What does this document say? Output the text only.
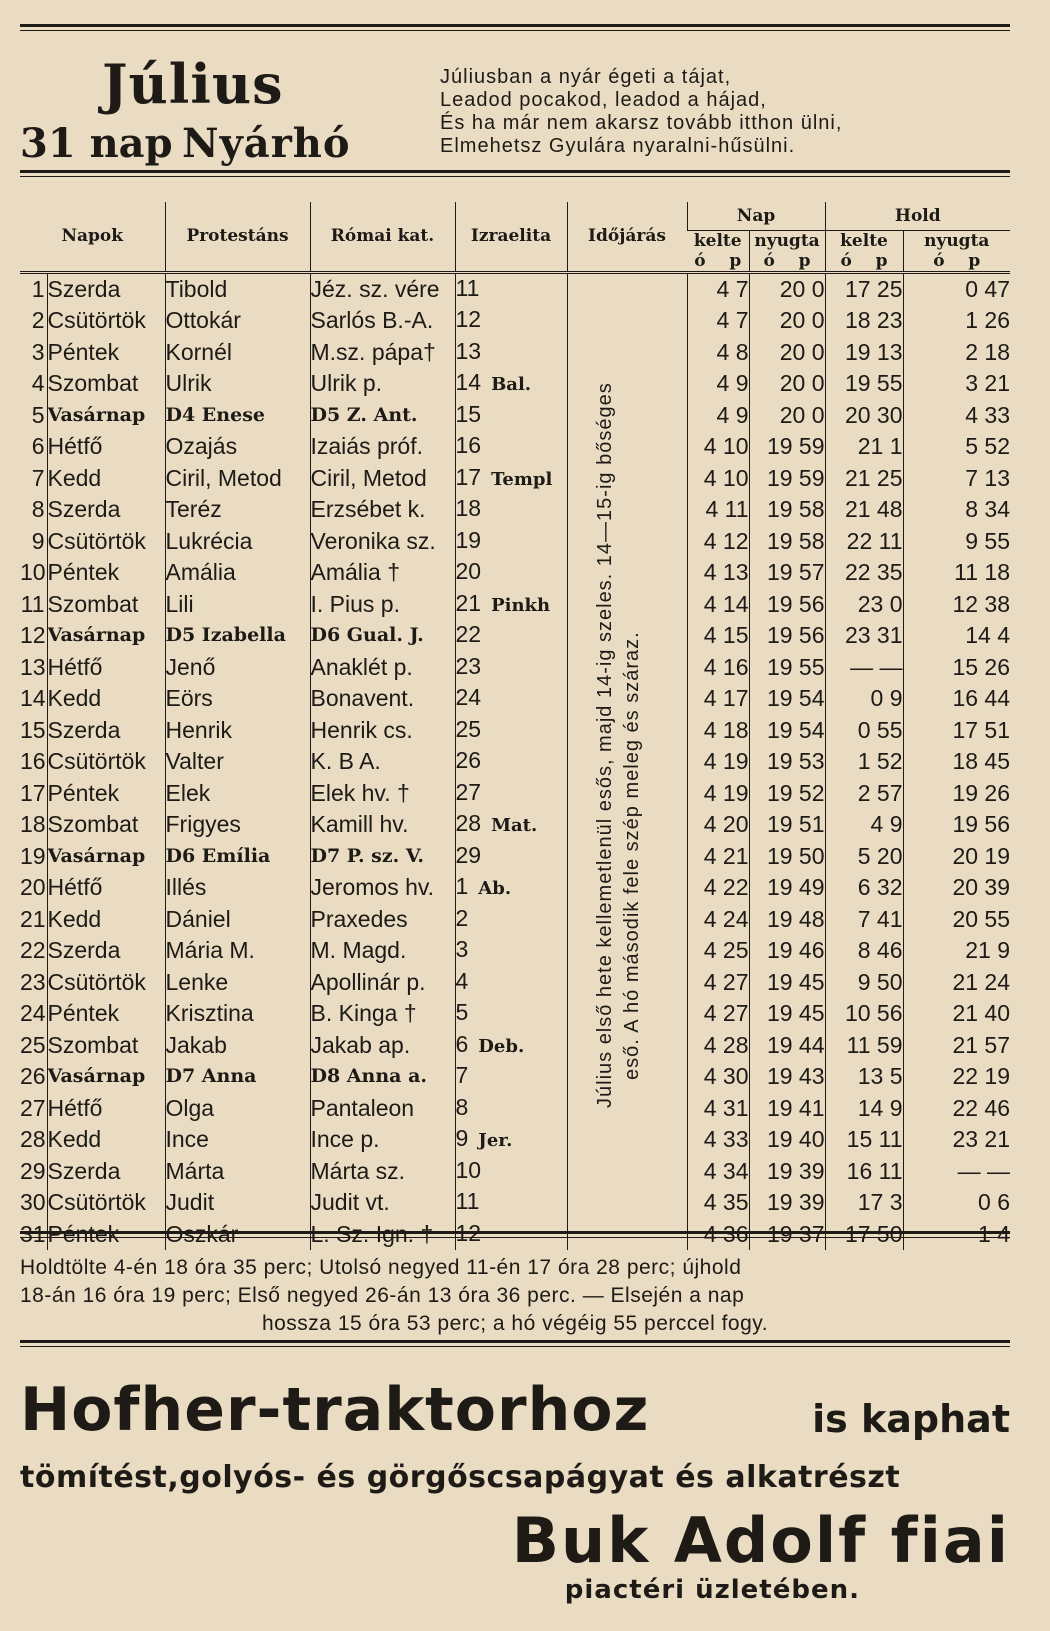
Július
31 nap Nyárhó
Júliusban a nyár égeti a tájat,
Leadod pocakod, leadod a hájad,
És ha már nem akarsz tovább itthon ülni,
Elmehetsz Gyulára nyaralni-hűsülni.
Napok		Protestáns	Római kat.	Izraelita	Időjárás	Nap		Hold	
						kelte	nyugta	kelte	nyugta
						ó p	ó p	ó p	ó p
1	Szerda	Tibold	Jéz. sz. vére	11		4 7	20 0	17 25	0 47
2	Csütörtök	Ottokár	Sarlós B.-A.	12		4 7	20 0	18 23	1 26
3	Péntek	Kornél	M.sz. pápa†	13		4 8	20 0	19 13	2 18
4	Szombat	Ulrik	Ulrik p.	14 Bal.		4 9	20 0	19 55	3 21
5	Vasárnap	D4 Enese	D5 Z. Ant.	15		4 9	20 0	20 30	4 33
6	Hétfő	Ozajás	Izaiás próf.	16		4 10	19 59	21 1	5 52
7	Kedd	Ciril, Metod	Ciril, Metod	17 Templ		4 10	19 59	21 25	7 13
8	Szerda	Teréz	Erzsébet k.	18		4 11	19 58	21 48	8 34
9	Csütörtök	Lukrécia	Veronika sz.	19		4 12	19 58	22 11	9 55
10	Péntek	Amália	Amália †	20		4 13	19 57	22 35	11 18
11	Szombat	Lili	I. Pius p.	21 Pinkh		4 14	19 56	23 0	12 38
12	Vasárnap	D5 Izabella	D6 Gual. J.	22		4 15	19 56	23 31	14 4
13	Hétfő	Jenő	Anaklét p.	23		4 16	19 55	— —	15 26
14	Kedd	Eörs	Bonavent.	24		4 17	19 54	0 9	16 44
15	Szerda	Henrik	Henrik cs.	25		4 18	19 54	0 55	17 51
16	Csütörtök	Valter	K. B A.	26		4 19	19 53	1 52	18 45
17	Péntek	Elek	Elek hv. †	27		4 19	19 52	2 57	19 26
18	Szombat	Frigyes	Kamill hv.	28 Mat.		4 20	19 51	4 9	19 56
19	Vasárnap	D6 Emília	D7 P. sz. V.	29		4 21	19 50	5 20	20 19
20	Hétfő	Illés	Jeromos hv.	1 Ab.		4 22	19 49	6 32	20 39
21	Kedd	Dániel	Praxedes	2		4 24	19 48	7 41	20 55
22	Szerda	Mária M.	M. Magd.	3		4 25	19 46	8 46	21 9
23	Csütörtök	Lenke	Apollinár p.	4		4 27	19 45	9 50	21 24
24	Péntek	Krisztina	B. Kinga †	5		4 27	19 45	10 56	21 40
25	Szombat	Jakab	Jakab ap.	6 Deb.		4 28	19 44	11 59	21 57
26	Vasárnap	D7 Anna	D8 Anna a.	7		4 30	19 43	13 5	22 19
27	Hétfő	Olga	Pantaleon	8		4 31	19 41	14 9	22 46
28	Kedd	Ince	Ince p.	9 Jer.		4 33	19 40	15 11	23 21
29	Szerda	Márta	Márta sz.	10		4 34	19 39	16 11	— —
30	Csütörtök	Judit	Judit vt.	11		4 35	19 39	17 3	0 6
31	Péntek	Oszkár	L. Sz. Ign. †	12		4 36	19 37	17 50	1 4
Július első hete kellemetlenül esős, majd 14-ig szeles. 14—15-ig bőséges eső. A hó második fele szép meleg és száraz.
Holdtölte 4-én 18 óra 35 perc; Utolsó negyed 11-én 17 óra 28 perc; újhold
18-án 16 óra 19 perc; Első negyed 26-án 13 óra 36 perc. — Elsején a nap
hossza 15 óra 53 perc; a hó végéig 55 perccel fogy.
Hofher-traktorhoz	is kaphat
tömítést,golyós- és görgőscsapágyat és alkatrészt
Buk Adolf fiai
piactéri üzletében.
